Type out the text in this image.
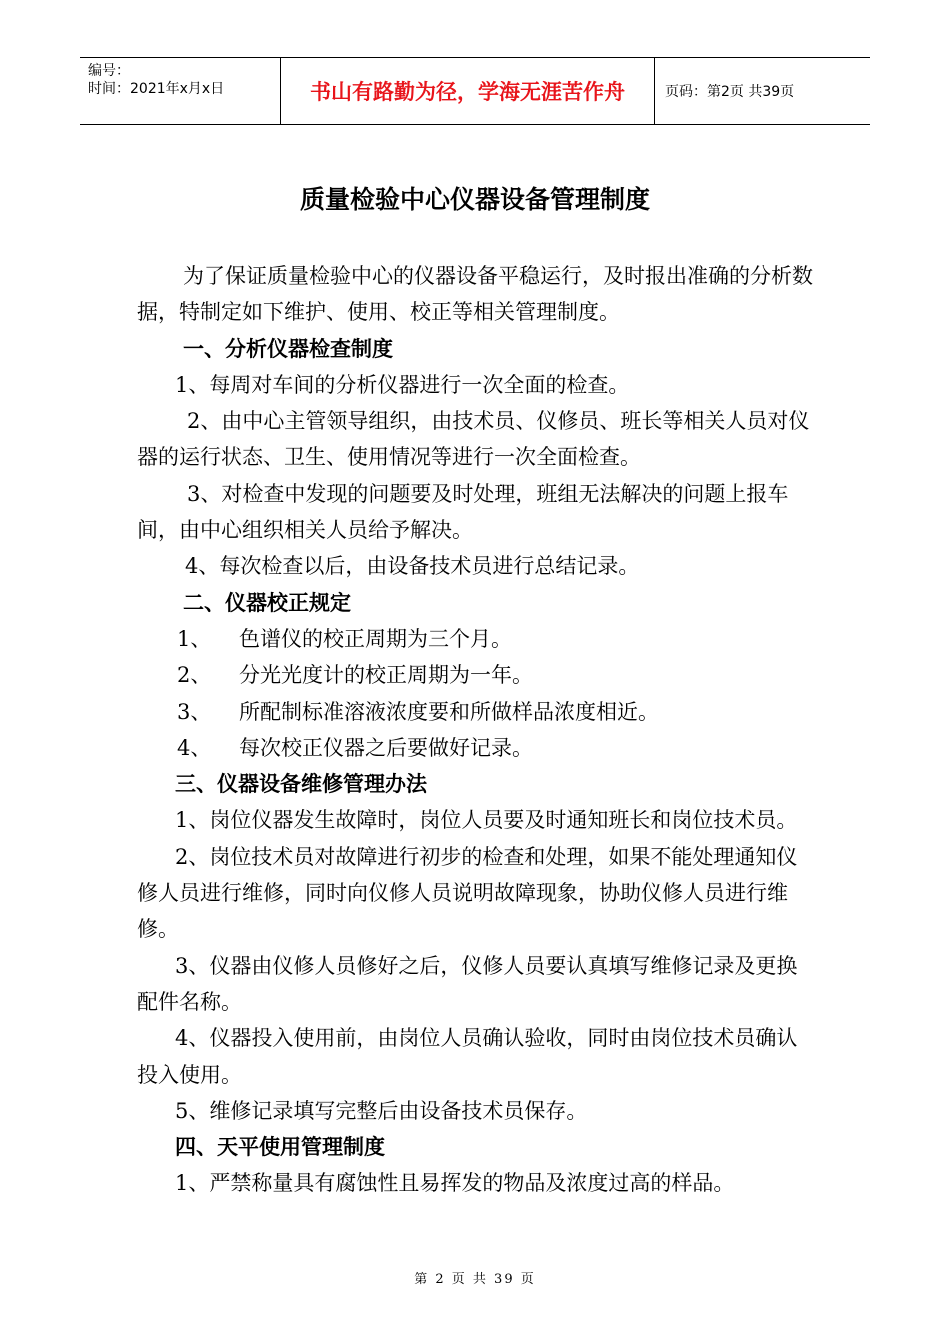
编号：
时间：2021年x月x日	书山有路勤为径，学海无涯苦作舟	页码：第2页 共39页
质量检验中心仪器设备管理制度

为了保证质量检验中心的仪器设备平稳运行，及时报出准确的分析数据，特制定如下维护、使用、校正等相关管理制度。

一、分析仪器检查制度

1、每周对车间的分析仪器进行一次全面的检查。

2、由中心主管领导组织，由技术员、仪修员、班长等相关人员对仪器的运行状态、卫生、使用情况等进行一次全面检查。

3、对检查中发现的问题要及时处理，班组无法解决的问题上报车间，由中心组织相关人员给予解决。

4、每次检查以后，由设备技术员进行总结记录。

二、仪器校正规定

1、	色谱仪的校正周期为三个月。
2、	分光光度计的校正周期为一年。
3、	所配制标准溶液浓度要和所做样品浓度相近。
4、	每次校正仪器之后要做好记录。

三、仪器设备维修管理办法

1、岗位仪器发生故障时，岗位人员要及时通知班长和岗位技术员。

2、岗位技术员对故障进行初步的检查和处理，如果不能处理通知仪修人员进行维修，同时向仪修人员说明故障现象，协助仪修人员进行维修。

3、仪器由仪修人员修好之后，仪修人员要认真填写维修记录及更换配件名称。

4、仪器投入使用前，由岗位人员确认验收，同时由岗位技术员确认投入使用。

5、维修记录填写完整后由设备技术员保存。

四、天平使用管理制度

1、严禁称量具有腐蚀性且易挥发的物品及浓度过高的样品。

第 2 页 共 39 页
